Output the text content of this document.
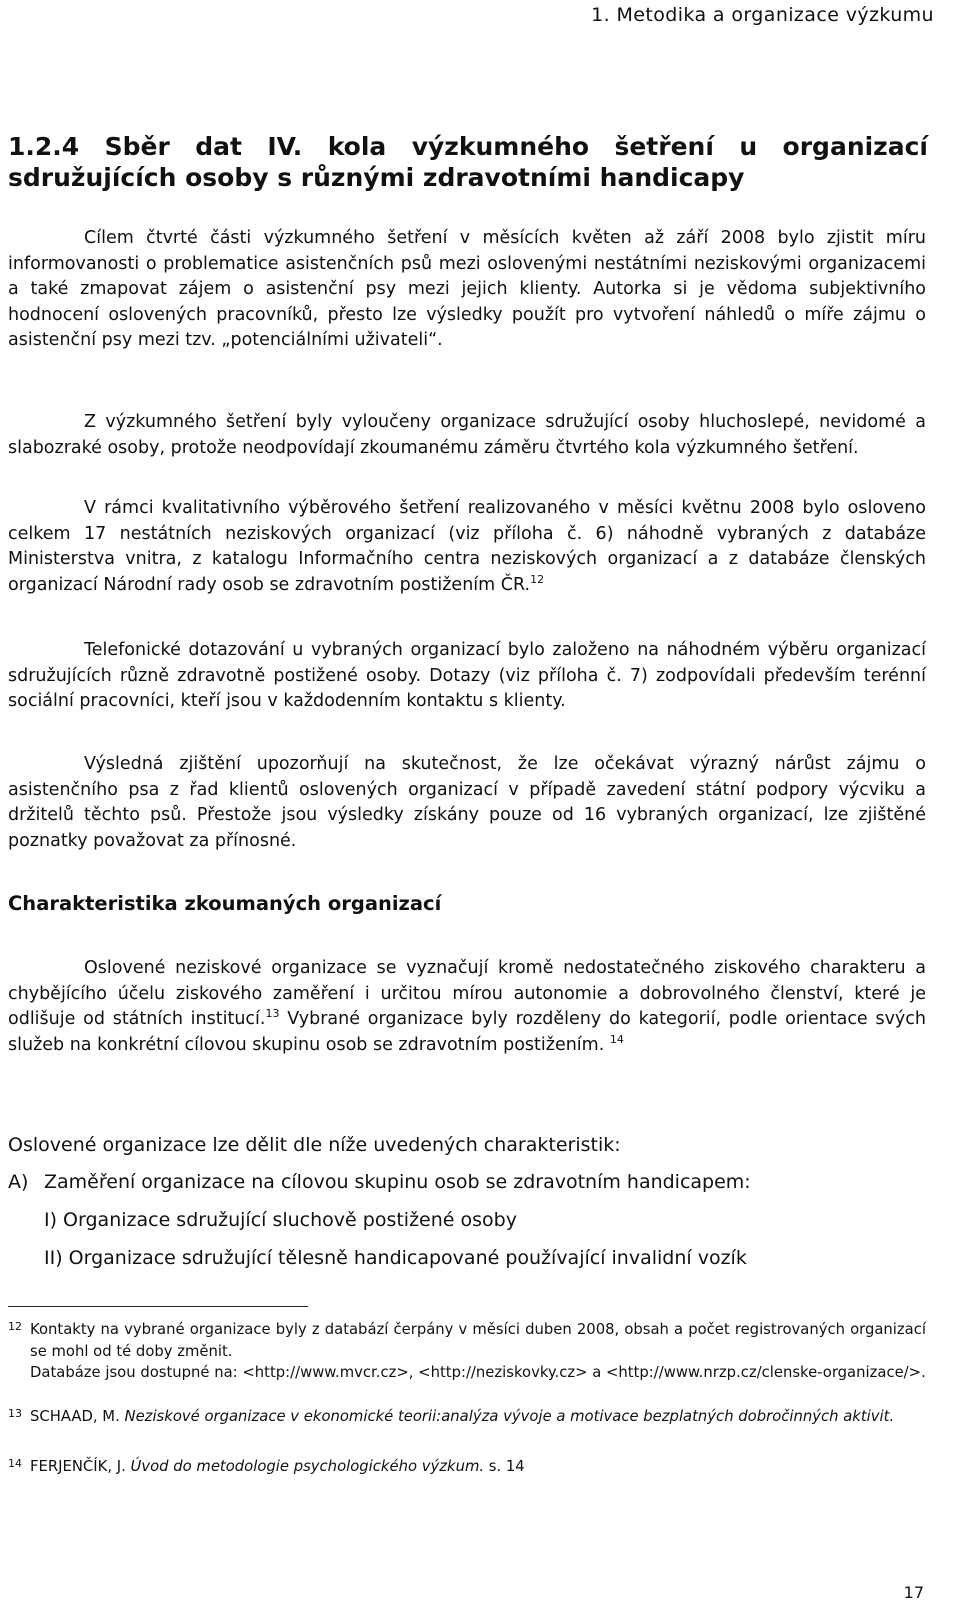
1. Metodika a organizace výzkumu
1.2.4 Sběr dat IV. kola výzkumného šetření u organizací sdružujících osoby s různými zdravotními handicapy

Cílem čtvrté části výzkumného šetření v měsících květen až září 2008 bylo zjistit míru informovanosti o problematice asistenčních psů mezi oslovenými nestátními neziskovými organizacemi a také zmapovat zájem o asistenční psy mezi jejich klienty. Autorka si je vědoma subjektivního hodnocení oslovených pracovníků, přesto lze výsledky použít pro vytvoření náhledů o míře zájmu o asistenční psy mezi tzv. „potenciálními uživateli“.

Z výzkumného šetření byly vyloučeny organizace sdružující osoby hluchoslepé, nevidomé a slabozraké osoby, protože neodpovídají zkoumanému záměru čtvrtého kola výzkumného šetření.

V rámci kvalitativního výběrového šetření realizovaného v měsíci květnu 2008 bylo osloveno celkem 17 nestátních neziskových organizací (viz příloha č. 6) náhodně vybraných z databáze Ministerstva vnitra, z katalogu Informačního centra neziskových organizací a z databáze členských organizací Národní rady osob se zdravotním postižením ČR.$^{12}$

Telefonické dotazování u vybraných organizací bylo založeno na náhodném výběru organizací sdružujících různě zdravotně postižené osoby. Dotazy (viz příloha č. 7) zodpovídali především terénní sociální pracovníci, kteří jsou v každodenním kontaktu s klienty.

Výsledná zjištění upozorňují na skutečnost, že lze očekávat výrazný nárůst zájmu o asistenčního psa z řad klientů oslovených organizací v případě zavedení státní podpory výcviku a držitelů těchto psů. Přestože jsou výsledky získány pouze od 16 vybraných organizací, lze zjištěné poznatky považovat za přínosné.

Charakteristika zkoumaných organizací

Oslovené neziskové organizace se vyznačují kromě nedostatečného ziskového charakteru a chybějícího účelu ziskového zaměření i určitou mírou autonomie a dobrovolného členství, které je odlišuje od státních institucí.$^{13}$ Vybrané organizace byly rozděleny do kategorií, podle orientace svých služeb na konkrétní cílovou skupinu osob se zdravotním postižením. $^{14}$

Oslovené organizace lze dělit dle níže uvedených charakteristik:

A) Zaměření organizace na cílovou skupinu osob se zdravotním handicapem:
I) Organizace sdružující sluchově postižené osoby
II) Organizace sdružující tělesně handicapované používající invalidní vozík
12 Kontakty na vybrané organizace byly z databází čerpány v měsíci duben 2008, obsah a počet registrovaných organizací se mohl od té doby změnit.
Databáze jsou dostupné na: <http://www.mvcr.cz>, <http://neziskovky.cz> a <http://www.nrzp.cz/clenske-organizace/>.
13 SCHAAD, M. Neziskové organizace v ekonomické teorii:analýza vývoje a motivace bezplatných dobročinných aktivit.
14 FERJENČÍK, J. Úvod do metodologie psychologického výzkum. s. 14
17
